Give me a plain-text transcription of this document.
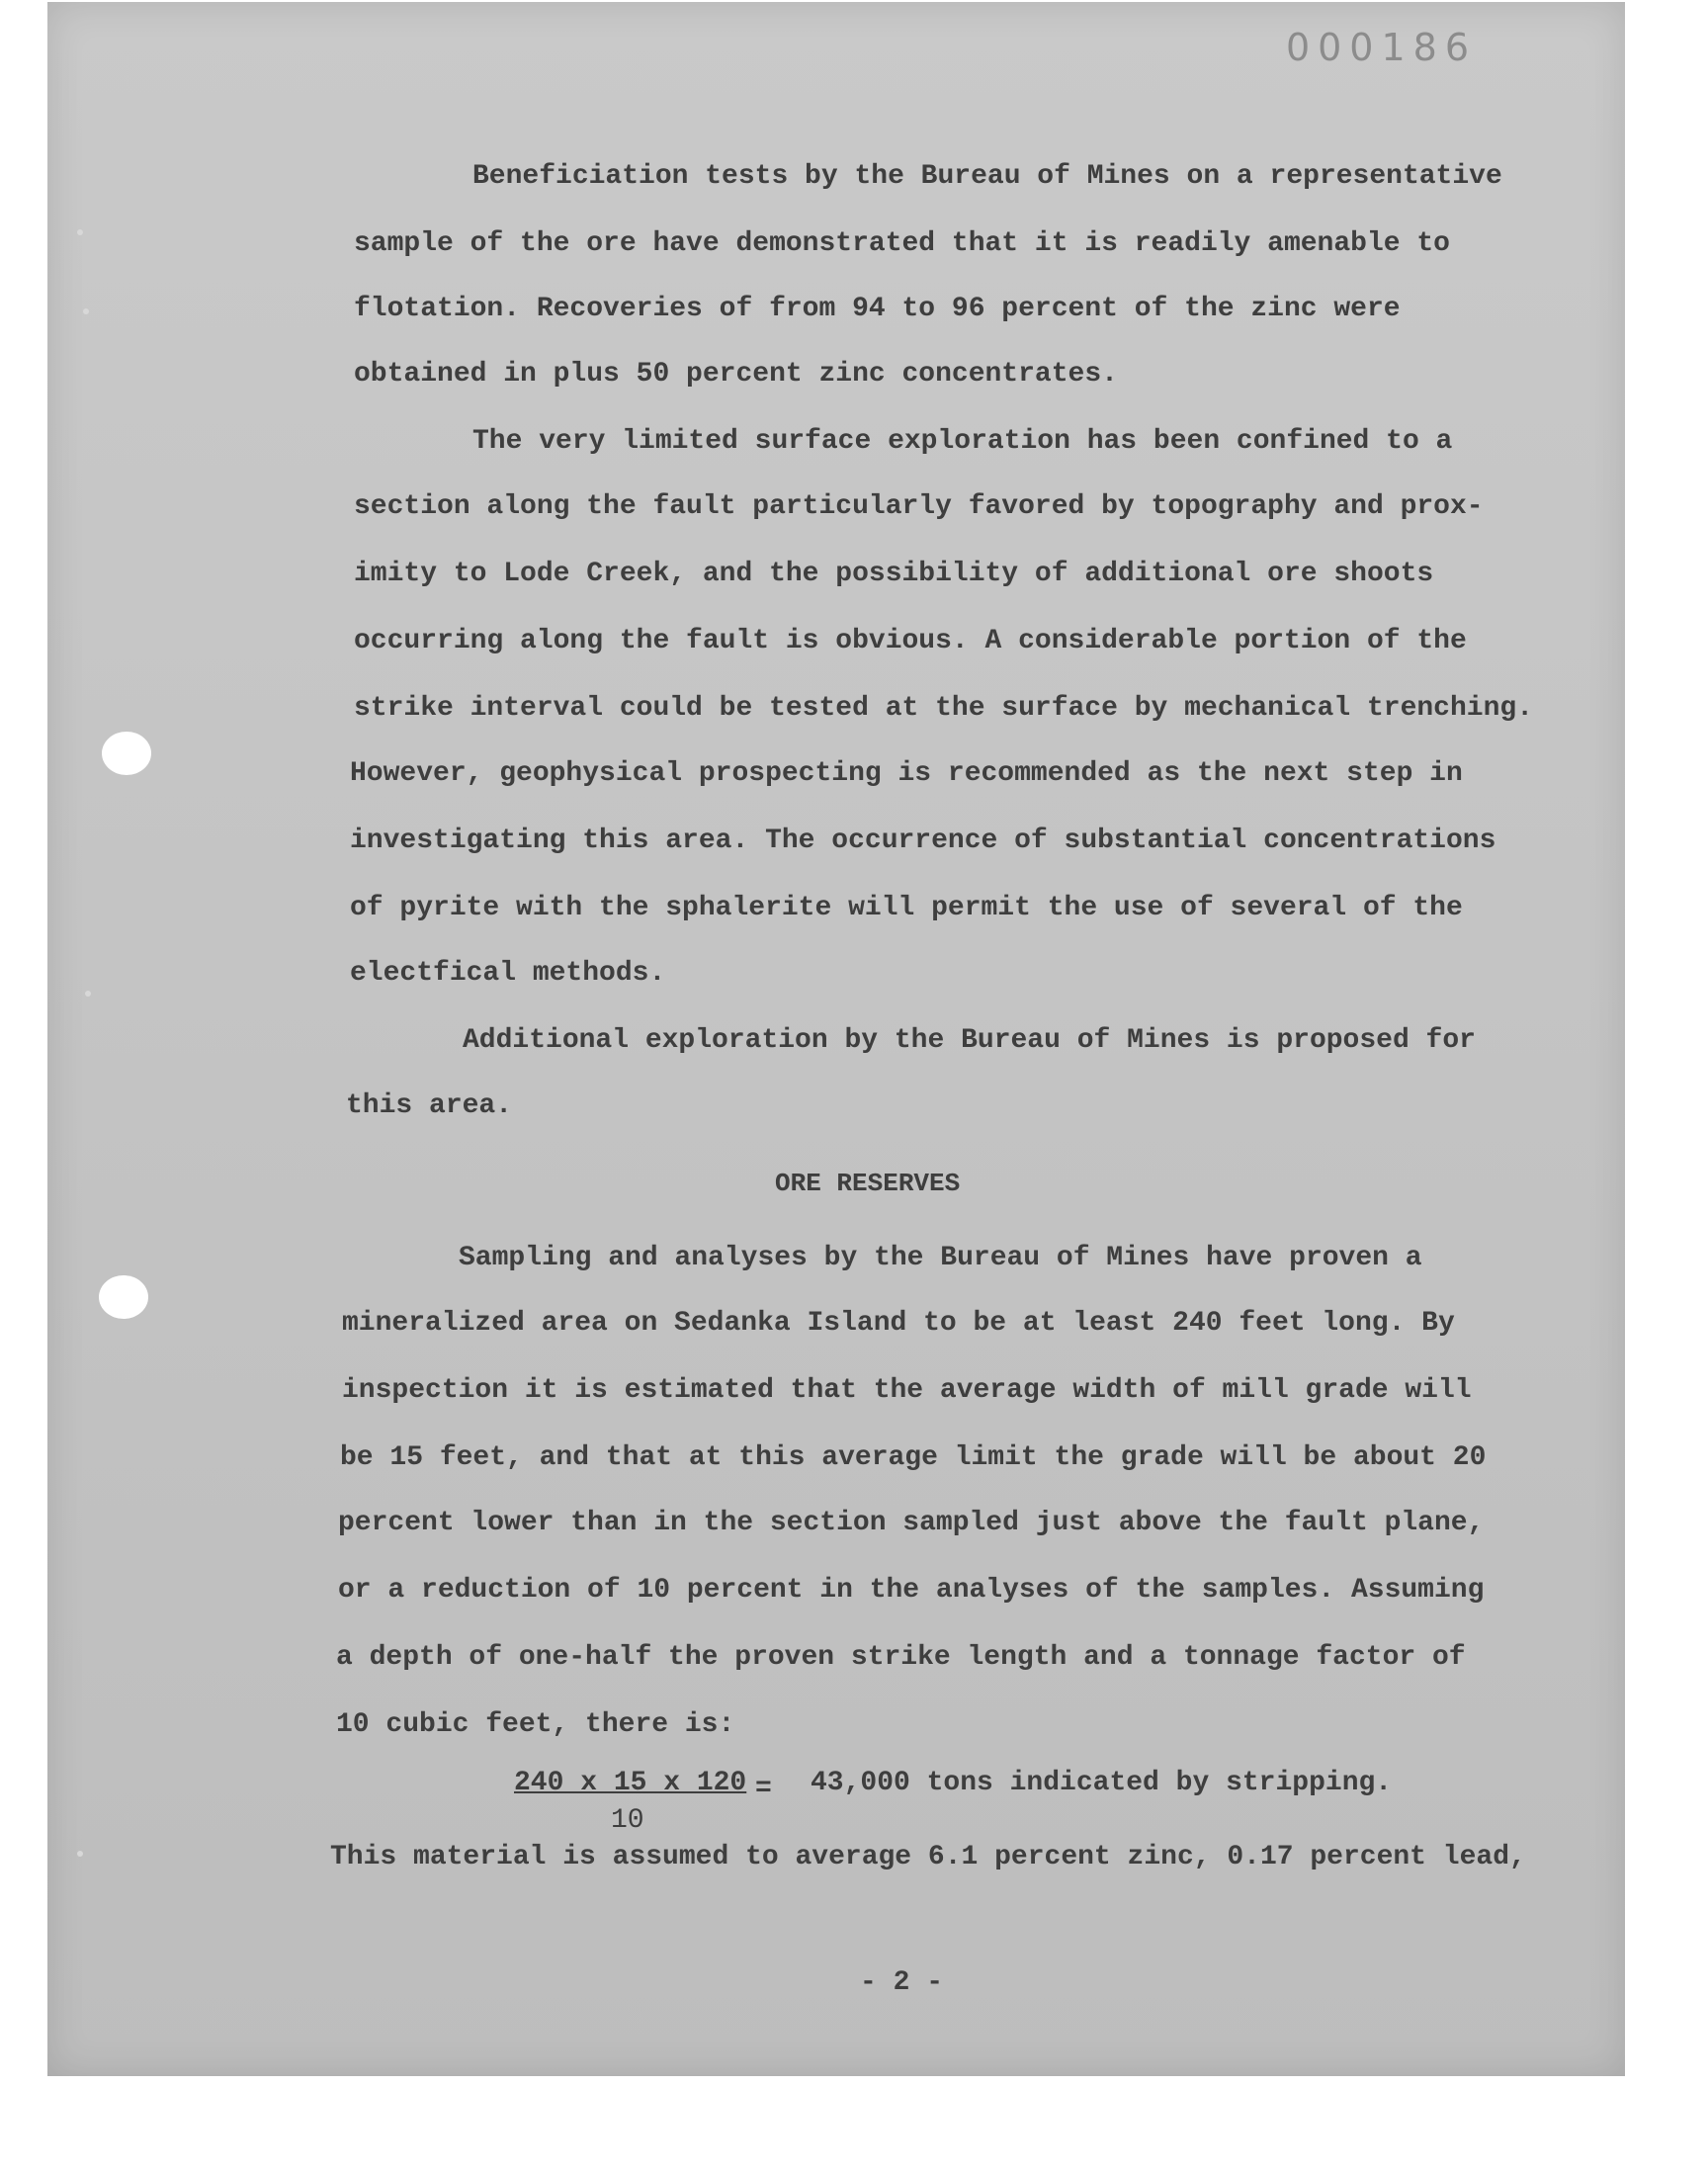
000186
Beneficiation tests by the Bureau of Mines on a representative
sample of the ore have demonstrated that it is readily amenable to
flotation. Recoveries of from 94 to 96 percent of the zinc were
obtained in plus 50 percent zinc concentrates.
The very limited surface exploration has been confined to a
section along the fault particularly favored by topography and prox-
imity to Lode Creek, and the possibility of additional ore shoots
occurring along the fault is obvious. A considerable portion of the
strike interval could be tested at the surface by mechanical trenching.
However, geophysical prospecting is recommended as the next step in
investigating this area. The occurrence of substantial concentrations
of pyrite with the sphalerite will permit the use of several of the
electfical methods.
Additional exploration by the Bureau of Mines is proposed for
this area.
Sampling and analyses by the Bureau of Mines have proven a
mineralized area on Sedanka Island to be at least 240 feet long. By
inspection it is estimated that the average width of mill grade will
be 15 feet, and that at this average limit the grade will be about 20
percent lower than in the section sampled just above the fault plane,
or a reduction of 10 percent in the analyses of the samples. Assuming
a depth of one-half the proven strike length and a tonnage factor of
10 cubic feet, there is:
This material is assumed to average 6.1 percent zinc, 0.17 percent lead,
ORE RESERVES
240 x 15 x 120
10
= 43,000 tons indicated by stripping.
- 2 -
